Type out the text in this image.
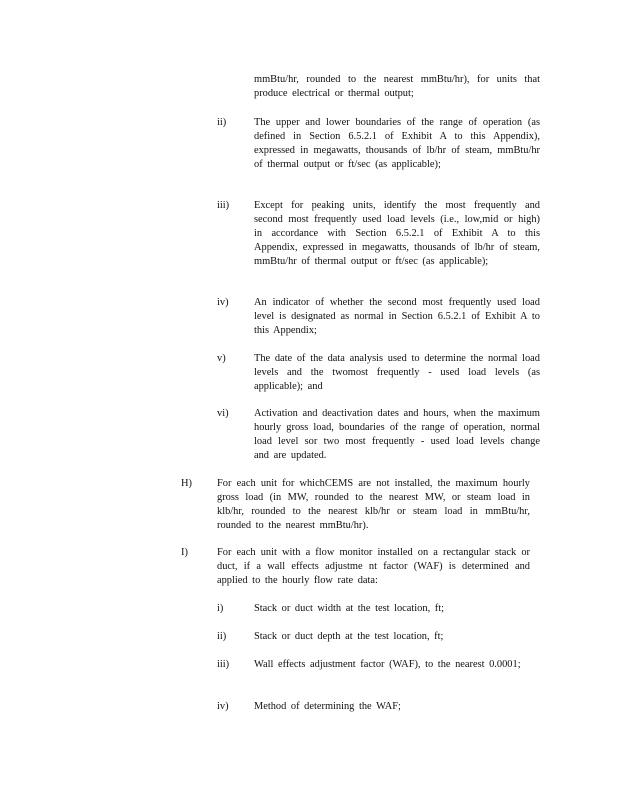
mmBtu/hr, rounded to the nearest mmBtu/hr), for units that produce electrical or thermal output;

ii)	The upper and lower boundaries of the range of operation (as defined in Section 6.5.2.1 of Exhibit A to this Appendix), expressed in megawatts, thousands of lb/hr of steam, mmBtu/hr of thermal output or ft/sec (as applicable);

iii) Except for peaking units, identify the most frequently and second most frequently used load levels (i.e., low,mid or high) in accordance with Section 6.5.2.1 of Exhibit A to this Appendix, expressed in megawatts, thousands of lb/hr of steam, mmBtu/hr of thermal output or ft/sec (as applicable);

iv) An indicator of whether the second most frequently used load level is designated as normal in Section 6.5.2.1 of Exhibit A to this Appendix;

v)	The date of the data analysis used to determine the normal load levels and the twomost frequently - used load levels (as applicable); and

vi) Activation and deactivation dates and hours, when the maximum hourly gross load, boundaries of the range of operation, normal load level sor two most frequently - used load levels change and are updated.

H) For each unit for whichCEMS are not installed, the maximum hourly gross load (in MW, rounded to the nearest MW, or steam load in klb/hr, rounded to the nearest klb/hr or steam load in mmBtu/hr, rounded to the nearest mmBtu/hr).

I)	For each unit with a flow monitor installed on a rectangular stack or duct, if a wall effects adjustme nt factor (WAF) is determined and applied to the hourly flow rate data:

i)	Stack or duct width at the test location, ft;

ii)	Stack or duct depth at the test location, ft;

iii) Wall effects adjustment factor (WAF), to the nearest 0.0001;

iv) Method of determining the WAF;
